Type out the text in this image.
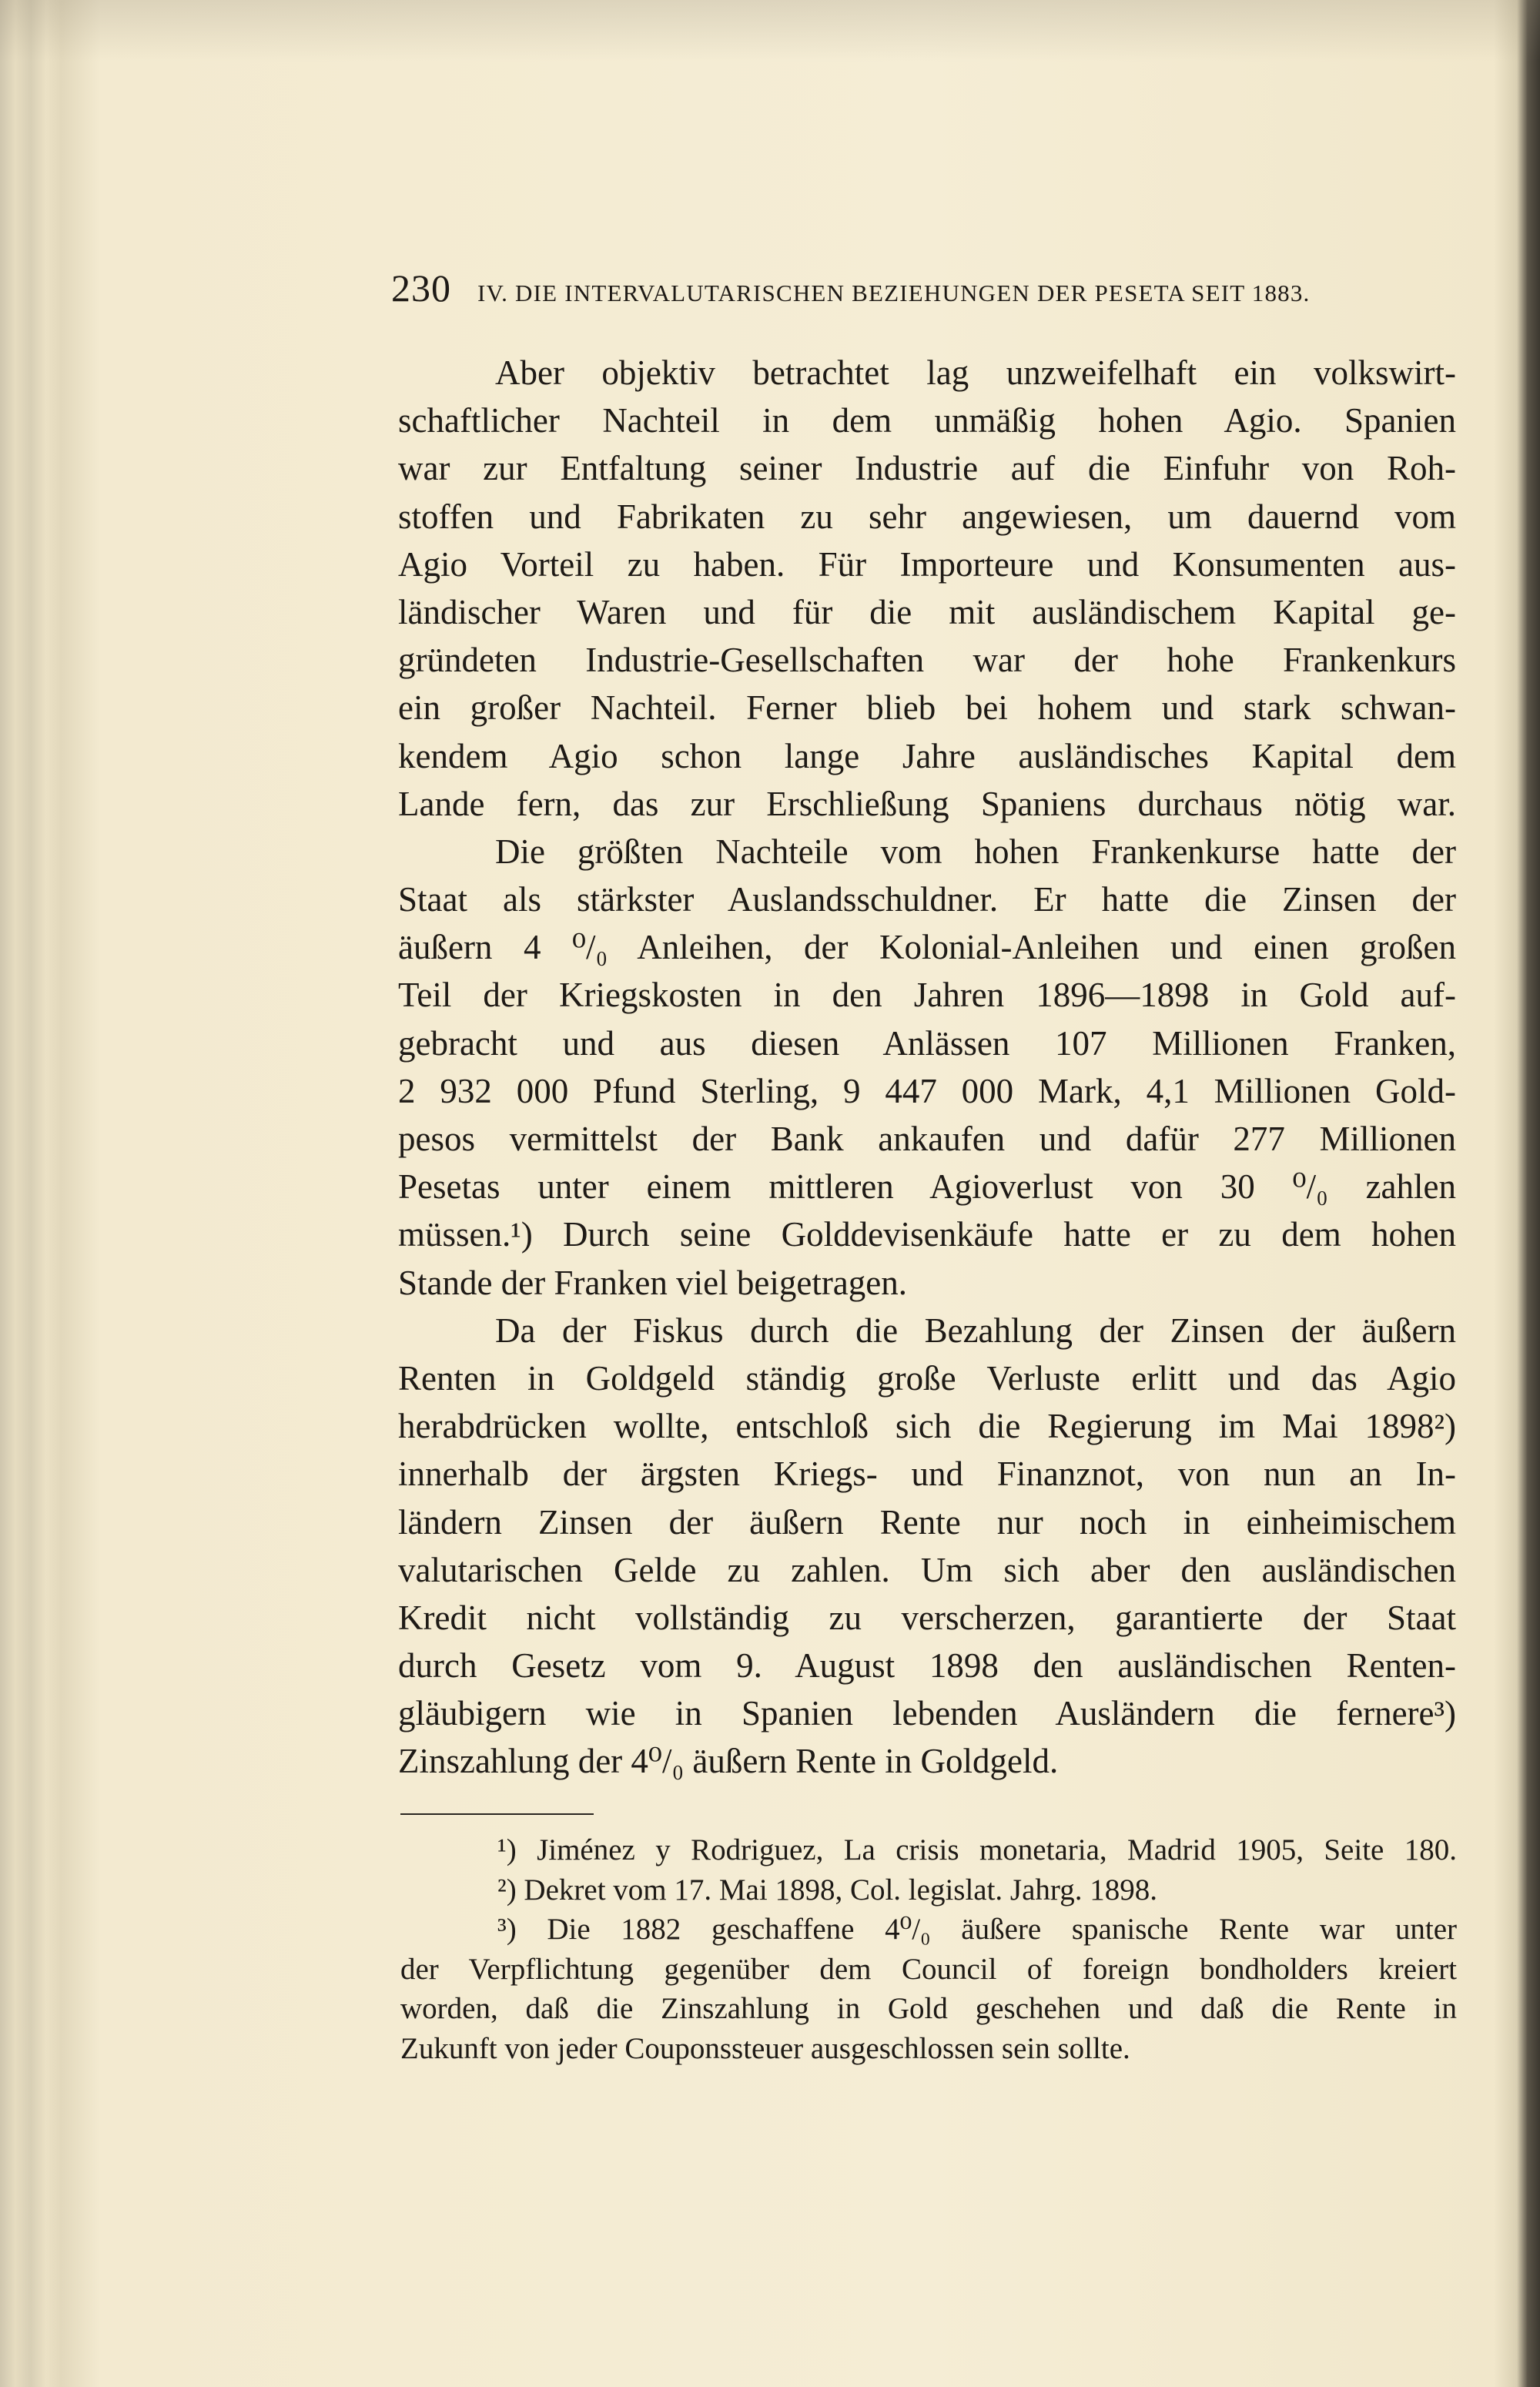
230 IV. DIE INTERVALUTARISCHEN BEZIEHUNGEN DER PESETA SEIT 1883.
Aber objektiv betrachtet lag unzweifelhaft ein volkswirt-
schaftlicher Nachteil in dem unmäßig hohen Agio. Spanien
war zur Entfaltung seiner Industrie auf die Einfuhr von Roh-
stoffen und Fabrikaten zu sehr angewiesen, um dauernd vom
Agio Vorteil zu haben. Für Importeure und Konsumenten aus-
ländischer Waren und für die mit ausländischem Kapital ge-
gründeten Industrie-Gesellschaften war der hohe Frankenkurs
ein großer Nachteil. Ferner blieb bei hohem und stark schwan-
kendem Agio schon lange Jahre ausländisches Kapital dem
Lande fern, das zur Erschließung Spaniens durchaus nötig war.
Die größten Nachteile vom hohen Frankenkurse hatte der
Staat als stärkster Auslandsschuldner. Er hatte die Zinsen der
äußern 4 ⁰/₀ Anleihen, der Kolonial-Anleihen und einen großen
Teil der Kriegskosten in den Jahren 1896—1898 in Gold auf-
gebracht und aus diesen Anlässen 107 Millionen Franken,
2 932 000 Pfund Sterling, 9 447 000 Mark, 4,1 Millionen Gold-
pesos vermittelst der Bank ankaufen und dafür 277 Millionen
Pesetas unter einem mittleren Agioverlust von 30 ⁰/₀ zahlen
müssen.¹) Durch seine Golddevisenkäufe hatte er zu dem hohen
Stande der Franken viel beigetragen.
Da der Fiskus durch die Bezahlung der Zinsen der äußern
Renten in Goldgeld ständig große Verluste erlitt und das Agio
herabdrücken wollte, entschloß sich die Regierung im Mai 1898²)
innerhalb der ärgsten Kriegs- und Finanznot, von nun an In-
ländern Zinsen der äußern Rente nur noch in einheimischem
valutarischen Gelde zu zahlen. Um sich aber den ausländischen
Kredit nicht vollständig zu verscherzen, garantierte der Staat
durch Gesetz vom 9. August 1898 den ausländischen Renten-
gläubigern wie in Spanien lebenden Ausländern die fernere³)
Zinszahlung der 4⁰/₀ äußern Rente in Goldgeld.
¹) Jiménez y Rodriguez, La crisis monetaria, Madrid 1905, Seite 180.
²) Dekret vom 17. Mai 1898, Col. legislat. Jahrg. 1898.
³) Die 1882 geschaffene 4⁰/₀ äußere spanische Rente war unter
der Verpflichtung gegenüber dem Council of foreign bondholders kreiert
worden, daß die Zinszahlung in Gold geschehen und daß die Rente in
Zukunft von jeder Couponssteuer ausgeschlossen sein sollte.
